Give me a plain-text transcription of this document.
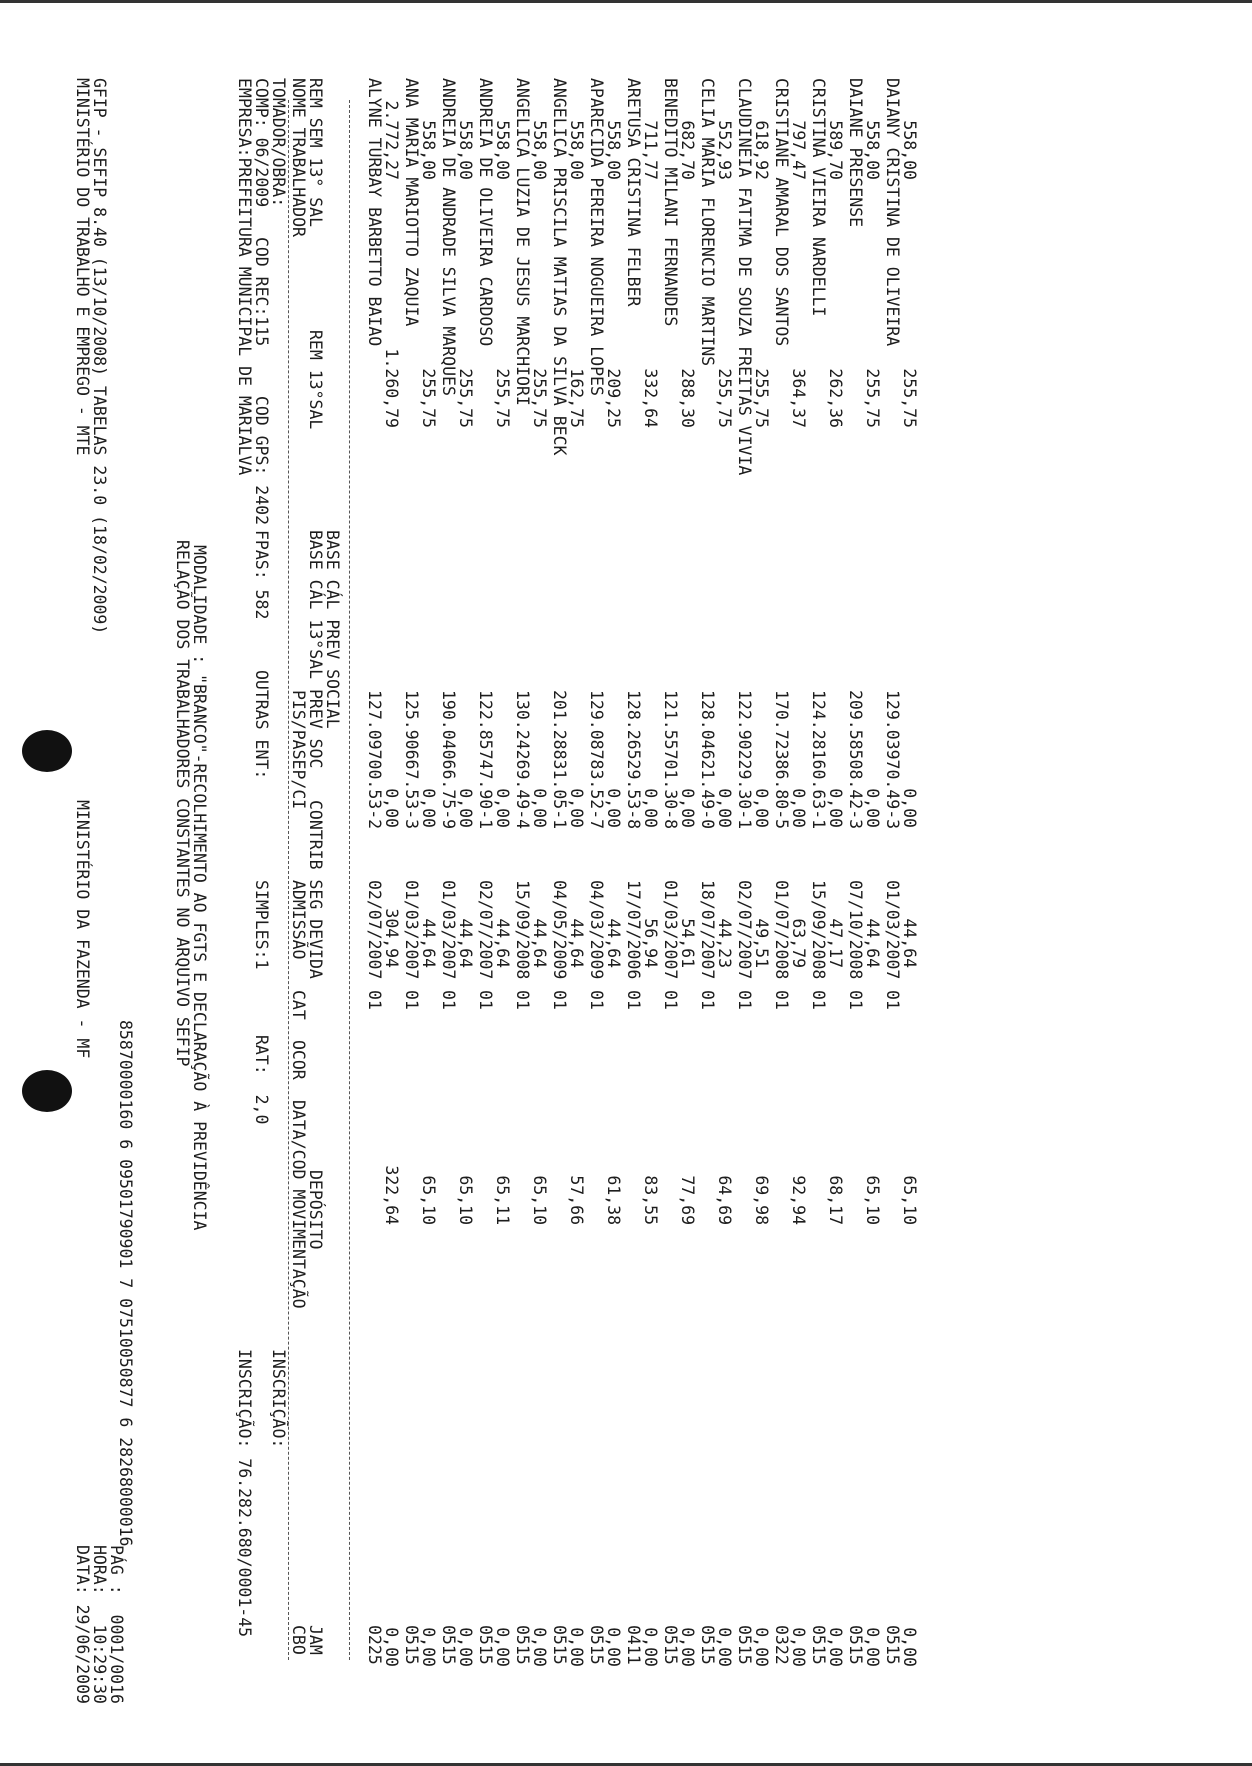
MINISTÉRIO DO TRABALHO E EMPREGO - MTE
MINISTÉRIO DA FAZENDA - MF
DATA: 29/06/2009
GFIP - SEFIP 8.40 (13/10/2008) TABELAS 23.0 (18/02/2009)
HORA:   10:29:30
PÁG :  0001/0016
85870000160 6 09501790901 7 07510050877 6 28268000016
RELAÇÃO DOS TRABALHADORES CONSTANTES NO ARQUIVO SEFIP
MODALIDADE : "BRANCO"-RECOLHIMENTO AO FGTS E DECLARAÇÃO À PREVIDÊNCIA
EMPRESA:PREFEITURA MUNICIPAL DE MARIALVA
INSCRIÇÃO: 76.282.680/0001-45
COMP: 06/2009   COD REC:115     COD GPS: 2402
FPAS: 582
OUTRAS ENT:
SIMPLES:1
RAT:  2,0
TOMADOR/OBRA:
INSCRIÇÃO:
NOME TRABALHADOR
PIS/PASEP/CI
ADMISSÃO
CAT
OCOR
DATA/COD MOVIMENTAÇÃO
CBO
REM SEM 13° SAL
REM 13°SAL
BASE CÁL 13°SAL PREV SOC
CONTRIB SEG DEVIDA
DEPÓSITO
JAM
BASE CÁL PREV SOCIAL
ALYNE TURBAY BARBETTO BAIAO
127.09700.53-2
02/07/2007
01
0225
2.772,27
1.260,79
0,00
304,94
322,64
0,00
ANA MARIA MARIOTTO ZAQUIA
125.90667.53-3
01/03/2007
01
0515
558,00
255,75
0,00
44,64
65,10
0,00
ANDREIA DE ANDRADE SILVA MARQUES
190.04066.75-9
01/03/2007
01
0515
558,00
255,75
0,00
44,64
65,10
0,00
ANDREIA DE OLIVEIRA CARDOSO
122.85747.90-1
02/07/2007
01
0515
558,00
255,75
0,00
44,64
65,11
0,00
ANGELICA LUZIA DE JESUS MARCHIORI
130.24269.49-4
15/09/2008
01
0515
558,00
255,75
0,00
44,64
65,10
0,00
ANGELICA PRISCILA MATIAS DA SILVA BECK
201.28831.05-1
04/05/2009
01
0515
558,00
162,75
0,00
44,64
57,66
0,00
APARECIDA PEREIRA NOGUEIRA LOPES
129.08783.52-7
04/03/2009
01
0515
558,00
209,25
0,00
44,64
61,38
0,00
ARETUSA CRISTINA FELBER
128.26529.53-8
17/07/2006
01
0411
711,77
332,64
0,00
56,94
83,55
0,00
BENEDITO MILANI FERNANDES
121.55701.30-8
01/03/2007
01
0515
682,70
288,30
0,00
54,61
77,69
0,00
CELIA MARIA FLORENCIO MARTINS
128.04621.49-0
18/07/2007
01
0515
552,93
255,75
0,00
44,23
64,69
0,00
CLAUDINEIA FATIMA DE SOUZA FREITAS VIVIA
122.90229.30-1
02/07/2007
01
0515
618,92
255,75
0,00
49,51
69,98
0,00
CRISTIANE AMARAL DOS SANTOS
170.72386.80-5
01/07/2008
01
0322
797,47
364,37
0,00
63,79
92,94
0,00
CRISTINA VIEIRA NARDELLI
124.28160.63-1
15/09/2008
01
0515
589,70
262,36
0,00
47,17
68,17
0,00
DAIANE PRESENSE
209.58508.42-3
07/10/2008
01
0515
558,00
255,75
0,00
44,64
65,10
0,00
DAIANY CRISTINA DE OLIVEIRA
129.03970.49-3
01/03/2007
01
0515
558,00
255,75
0,00
44,64
65,10
0,00
